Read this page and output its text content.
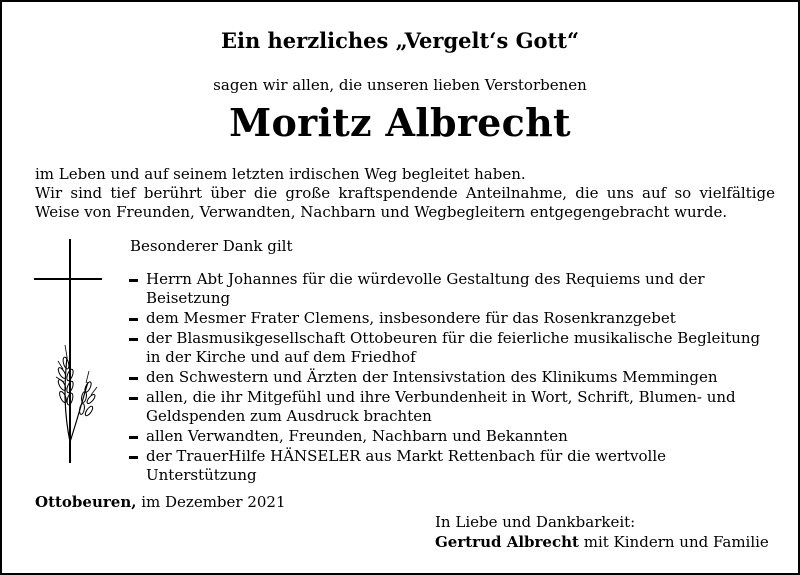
Ein herzliches „Vergelt‘s Gott“
sagen wir allen, die unseren lieben Verstorbenen
Moritz Albrecht

im Leben und auf seinem letzten irdischen Weg begleitet haben.

Wir sind tief berührt über die große kraftspendende Anteilnahme, die uns auf so vielfältige Weise von Freunden, Verwandten, Nachbarn und Wegbegleitern entgegengebracht wurde.

Besonderer Dank gilt
Herrn Abt Johannes für die würdevolle Gestaltung des Requiems und der Beisetzung
dem Mesmer Frater Clemens, insbesondere für das Rosenkranzgebet
der Blasmusikgesellschaft Ottobeuren für die feierliche musikalische Begleitung in der Kirche und auf dem Friedhof
den Schwestern und Ärzten der Intensivstation des Klinikums Memmingen
allen, die ihr Mitgefühl und ihre Verbundenheit in Wort, Schrift, Blumen- und Geldspenden zum Ausdruck brachten
allen Verwandten, Freunden, Nachbarn und Bekannten
der TrauerHilfe HÄNSELER aus Markt Rettenbach für die wertvolle Unterstützung
Ottobeuren, im Dezember 2021
In Liebe und Dankbarkeit:
Gertrud Albrecht mit Kindern und Familie
